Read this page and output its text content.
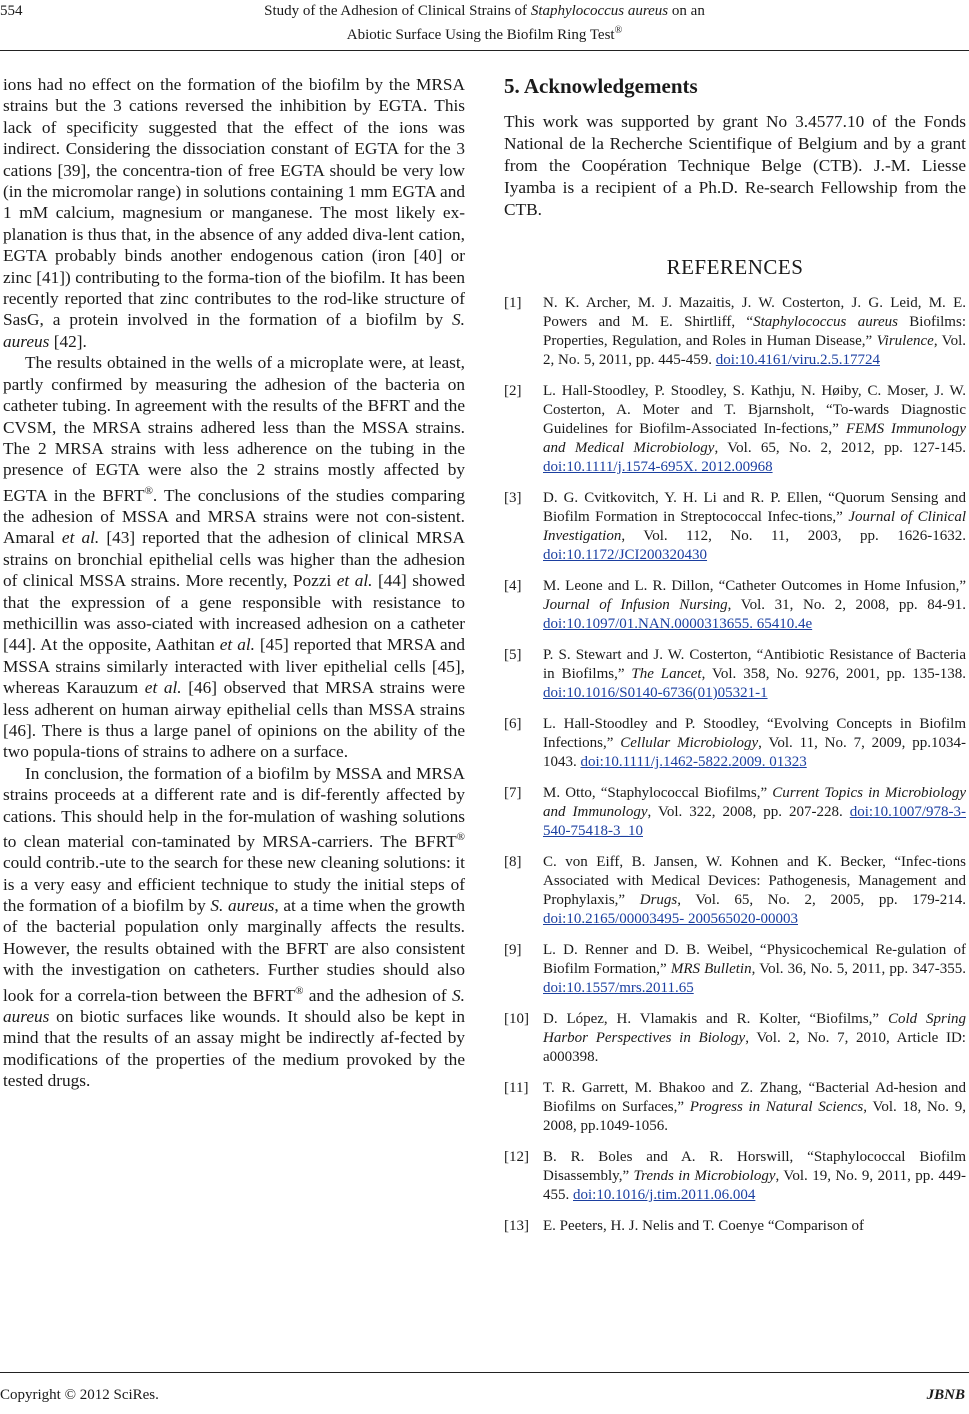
554	Study of the Adhesion of Clinical Strains of Staphylococcus aureus on an
Abiotic Surface Using the Biofilm Ring Test®

ions had no effect on the formation of the biofilm by the MRSA strains but the 3 cations reversed the inhibition by EGTA. This lack of specificity suggested that the effect of the ions was indirect. Considering the dissociation constant of EGTA for the 3 cations [39], the concentra-tion of free EGTA should be very low (in the micromolar range) in solutions containing 1 mm EGTA and 1 mM calcium, magnesium or manganese. The most likely ex-planation is thus that, in the absence of any added diva-lent cation, EGTA probably binds another endogenous cation (iron [40] or zinc [41]) contributing to the forma-tion of the biofilm. It has been recently reported that zinc contributes to the rod-like structure of SasG, a protein involved in the formation of a biofilm by S. aureus [42].

The results obtained in the wells of a microplate were, at least, partly confirmed by measuring the adhesion of the bacteria on catheter tubing. In agreement with the results of the BFRT and the CVSM, the MRSA strains adhered less than the MSSA strains. The 2 MRSA strains with less adherence on the tubing in the presence of EGTA were also the 2 strains mostly affected by EGTA in the BFRT®. The conclusions of the studies comparing the adhesion of MSSA and MRSA strains were not con-sistent. Amaral et al. [43] reported that the adhesion of clinical MRSA strains on bronchial epithelial cells was higher than the adhesion of clinical MSSA strains. More recently, Pozzi et al. [44] showed that the expression of a gene responsible with resistance to methicillin was asso-ciated with increased adhesion on a catheter [44]. At the opposite, Aathitan et al. [45] reported that MRSA and MSSA strains similarly interacted with liver epithelial cells [45], whereas Karauzum et al. [46] observed that MRSA strains were less adherent on human airway epithelial cells than MSSA strains [46]. There is thus a large panel of opinions on the ability of the two popula-tions of strains to adhere on a surface.

In conclusion, the formation of a biofilm by MSSA and MRSA strains proceeds at a different rate and is dif-ferently affected by cations. This should help in the for-mulation of washing solutions to clean material con-taminated by MRSA-carriers. The BFRT® could contrib.-ute to the search for these new cleaning solutions: it is a very easy and efficient technique to study the initial steps of the formation of a biofilm by S. aureus, at a time when the growth of the bacterial population only marginally affects the results. However, the results obtained with the BFRT are also consistent with the investigation on catheters. Further studies should also look for a correla-tion between the BFRT® and the adhesion of S. aureus on biotic surfaces like wounds. It should also be kept in mind that the results of an assay might be indirectly af-fected by modifications of the properties of the medium provoked by the tested drugs.

5. Acknowledgements

This work was supported by grant No 3.4577.10 of the Fonds National de la Recherche Scientifique of Belgium and by a grant from the Coopération Technique Belge (CTB). J.-M. Liesse Iyamba is a recipient of a Ph.D. Re-search Fellowship from the CTB.

REFERENCES
[1]	N. K. Archer, M. J. Mazaitis, J. W. Costerton, J. G. Leid, M. E. Powers and M. E. Shirtliff, “Staphylococcus aureus Biofilms: Properties, Regulation, and Roles in Human Disease,” Virulence, Vol. 2, No. 5, 2011, pp. 445-459. doi:10.4161/viru.2.5.17724
[2]	L. Hall-Stoodley, P. Stoodley, S. Kathju, N. Høiby, C. Moser, J. W. Costerton, A. Moter and T. Bjarnsholt, “To-wards Diagnostic Guidelines for Biofilm-Associated In-fections,” FEMS Immunology and Medical Microbiology, Vol. 65, No. 2, 2012, pp. 127-145. doi:10.1111/j.1574-695X. 2012.00968
[3]	D. G. Cvitkovitch, Y. H. Li and R. P. Ellen, “Quorum Sensing and Biofilm Formation in Streptococcal Infec-tions,” Journal of Clinical Investigation, Vol. 112, No. 11, 2003, pp. 1626-1632. doi:10.1172/JCI200320430
[4]	M. Leone and L. R. Dillon, “Catheter Outcomes in Home Infusion,” Journal of Infusion Nursing, Vol. 31, No. 2, 2008, pp. 84-91. doi:10.1097/01.NAN.0000313655. 65410.4e
[5]	P. S. Stewart and J. W. Costerton, “Antibiotic Resistance of Bacteria in Biofilms,” The Lancet, Vol. 358, No. 9276, 2001, pp. 135-138. doi:10.1016/S0140-6736(01)05321-1
[6]	L. Hall-Stoodley and P. Stoodley, “Evolving Concepts in Biofilm Infections,” Cellular Microbiology, Vol. 11, No. 7, 2009, pp.1034-1043. doi:10.1111/j.1462-5822.2009. 01323
[7]	M. Otto, “Staphylococcal Biofilms,” Current Topics in Microbiology and Immunology, Vol. 322, 2008, pp. 207-228. doi:10.1007/978-3-540-75418-3_10
[8]	C. von Eiff, B. Jansen, W. Kohnen and K. Becker, “Infec-tions Associated with Medical Devices: Pathogenesis, Management and Prophylaxis,” Drugs, Vol. 65, No. 2, 2005, pp. 179-214. doi:10.2165/00003495- 200565020-00003
[9]	L. D. Renner and D. B. Weibel, “Physicochemical Re-gulation of Biofilm Formation,” MRS Bulletin, Vol. 36, No. 5, 2011, pp. 347-355. doi:10.1557/mrs.2011.65
[10] D. López, H. Vlamakis and R. Kolter, “Biofilms,” Cold Spring Harbor Perspectives in Biology, Vol. 2, No. 7, 2010, Article ID: a000398.
[11] T. R. Garrett, M. Bhakoo and Z. Zhang, “Bacterial Ad-hesion and Biofilms on Surfaces,” Progress in Natural Sciencs, Vol. 18, No. 9, 2008, pp.1049-1056.
[12] B. R. Boles and A. R. Horswill, “Staphylococcal Biofilm Disassembly,” Trends in Microbiology, Vol. 19, No. 9, 2011, pp. 449-455. doi:10.1016/j.tim.2011.06.004
[13] E. Peeters, H. J. Nelis and T. Coenye “Comparison of
Copyright © 2012 SciRes.	JBNB
